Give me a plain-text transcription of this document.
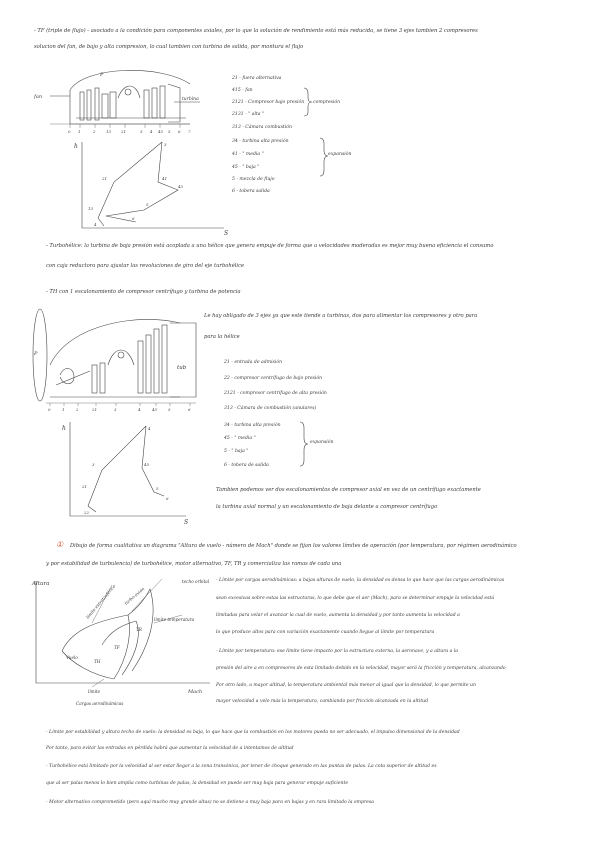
- TF (triple de flujo) - asociado a la condición para componentes axiales, por lo que la solución de rendimiento está más reducida, se tiene 3 ejes tambien 2 compresores
solucion del fan, de bajo y alta compresion, lo cual tambien con turbina de salida, por montura el flujo
fan
P
turbina
0 1	2	13 21	3 4 45 5 6 7
21 - fuera alternativa
415 - fan
2121 - Compresor bajo presión
2131 - " alta "
313 - Cámara combustión
34 - turbina alta presión
41 - " media "
45 - " baja "
5 - mezcla de flujo
6 - tobera salida
compresión
expansión
h
S
13
21
3
41
45
5
6
4
- Turbohélice: la turbina de baja presión está acoplada a una hélice que genera empuje de forma que a velocidades moderadas es mejor muy buena eficiencia el consumo
con caja reductora para ajustar las revoluciones de giro del eje turbohélice
- TH con 1 escalonamiento de compresor centrífugo y turbina de potencia
P
tub
0	1	2	21	3	4	45	5	6
Le hay obligado de 3 ejes ya que este tiende a turbinas, dos para alimentar los compresores y otro para
para la hélice
21 - entrada de admisión
22 - compresor centrífugo de bajo presión
2121 - compresor centrífugo de alta presión
313 - Cámara de combustión (anulares)
34 - turbina alta presión
45 - " media "
5 - " baja "
6 - tobera de salida
expansión
h
S
21
3
4
45
5
6
22
Tambien podemos ver dos escalonamientos de compresor axial en vez de un centrífugo exactamente
la turbina axial normal y un escalonamiento de baja delante a compresor centrífugo
① Dibujo de forma cualitativa un diagrama "Altura de vuelo - número de Mach" donde se fijan los valores límites de operación (por temperatura, por régimen aerodinámico
y por estabilidad de turbulencia) de turbohélice, motor alternativo, TF, TR y comercializa las ramas de cada una
Altura
Mach
límite estratosférico turbo-avión
techo orbital
Vuelo
TH
TF
TR
límite temperatura
límite
Cargas aerodinámicas
- Límite por cargas aerodinámicas: a bajas alturas de vuelo, la densidad es densa lo que hace que las cargas aerodinámicas
sean excesivas sobre estas las estructuras, lo que debe que el aer (Mach), para se determinar empuje la velocidad está
limitadas para velar el avanzar la cual de vuelo, aumenta la densidad y por tanto aumenta la velocidad a
lo que produce altos para con variación exactamente cuando llegue al límite por temperatura
- Límite por temperatura: ese límite tiene impacto por la estructura externa, la aeronave, y a altura a la
presión del aire a en compresores de esta limitado debido en la velocidad, mayor será la fricción y temperatura, alcanzando
Por otro lado, a mayor altitud, la temperatura ambiental más menor al igual que la densidad, lo que permite un
mayor velocidad a velo más la temperatura, cambiando por fricción alcanzada en la altitud
- Límite por estabilidad y altura techo de vuelo: la densidad es baja, lo que hace que la combustión en los motores pueda no ser adecuado, el impulso dimensional de la densidad
Por tanto, para evitar las entradas en pérdida habrá que aumentar la velocidad de a intentamos de altitud
- Turbohélice está limitado por la velocidad al ser estar llegar a la zona transónica, por tener de choque generado en las puntas de palas. La cota superior de altitud es
que al ser palas menos lo bien amplia como turbinas de palas, la densidad en puede ser muy baja para generar empuje suficiente
- Motor alternativo comprometido (pero aquí mucho muy grande altas) no se detiene a muy baja para en bajas y en rara limitado la empresa
